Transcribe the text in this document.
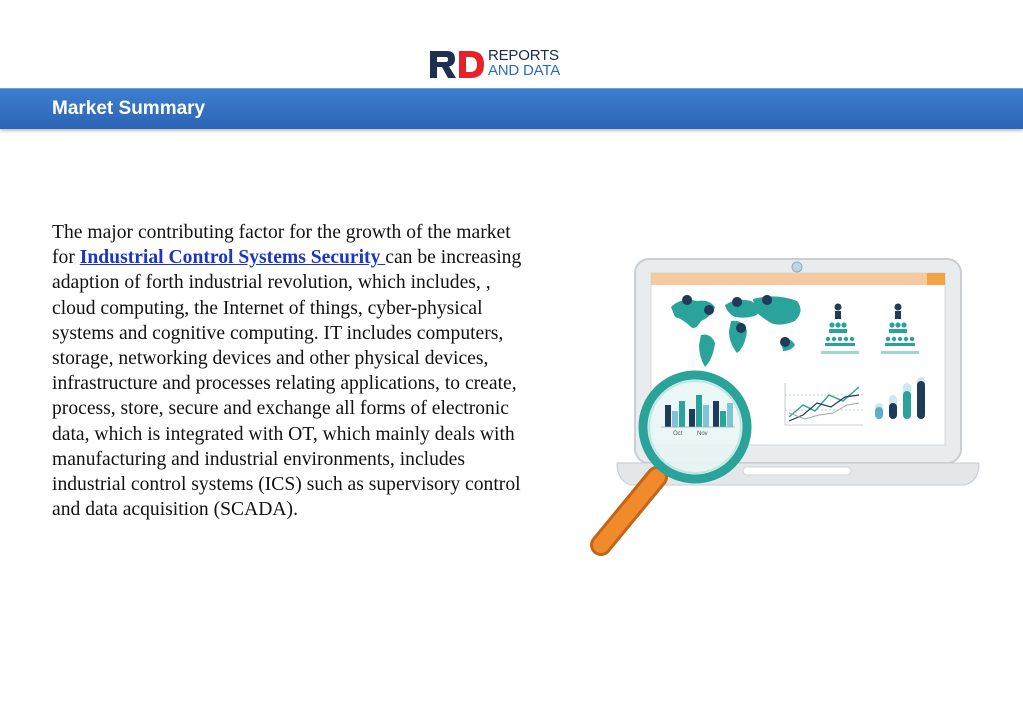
REPORTS
AND DATA
Market Summary

The major contributing factor for the growth of the market for Industrial Control Systems Security can be increasing adaption of forth industrial revolution, which includes, , cloud computing, the Internet of things, cyber-physical systems and cognitive computing. IT includes computers, storage, networking devices and other physical devices, infrastructure and processes relating applications, to create, process, store, secure and exchange all forms of electronic data, which is integrated with OT, which mainly deals with manufacturing and industrial environments, includes industrial control systems (ICS) such as supervisory control and data acquisition (SCADA).

Oct Nov
